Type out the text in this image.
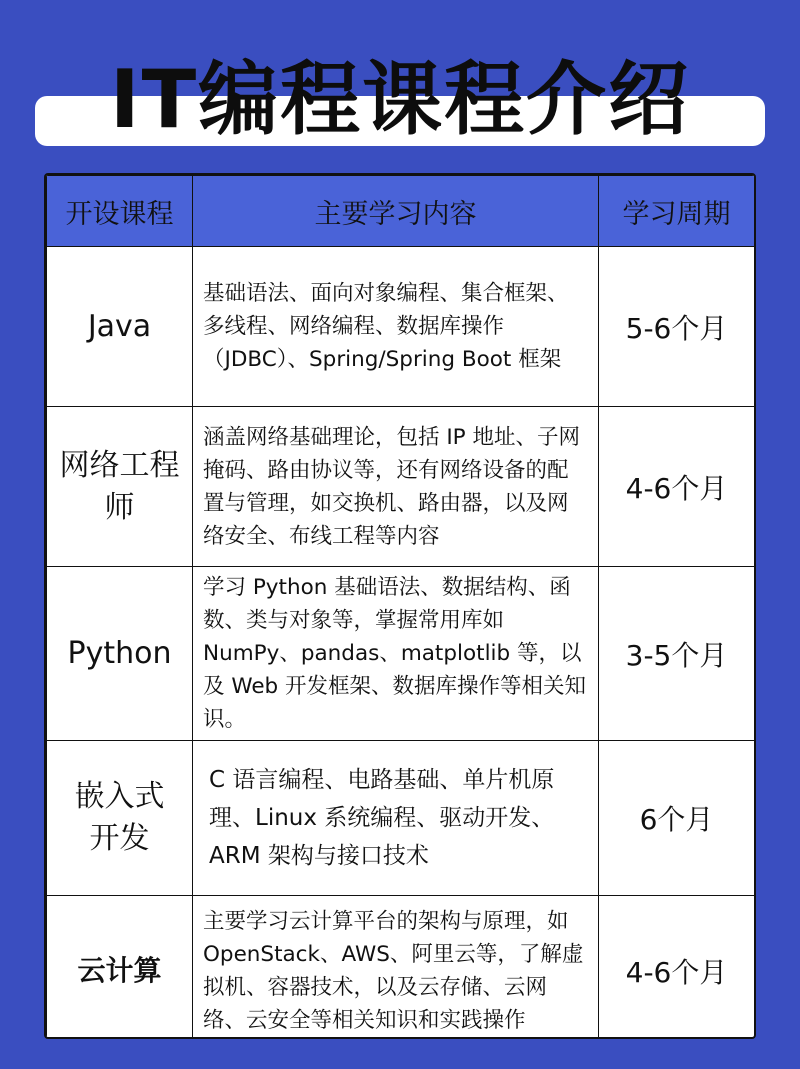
IT编程课程介绍
开设课程	主要学习内容	学习周期
Java	基础语法、面向对象编程、集合框架、多线程、网络编程、数据库操作（JDBC）、Spring/Spring Boot 框架	5-6个月
网络工程师	涵盖网络基础理论，包括 IP 地址、子网掩码、路由协议等，还有网络设备的配置与管理，如交换机、路由器，以及网络安全、布线工程等内容	4-6个月
Python	学习 Python 基础语法、数据结构、函数、类与对象等，掌握常用库如 NumPy、pandas、matplotlib 等，以及 Web 开发框架、数据库操作等相关知识。	3-5个月
嵌入式开发	C 语言编程、电路基础、单片机原理、Linux 系统编程、驱动开发、ARM 架构与接口技术	6个月
云计算	主要学习云计算平台的架构与原理，如 OpenStack、AWS、阿里云等，了解虚拟机、容器技术，以及云存储、云网络、云安全等相关知识和实践操作	4-6个月
